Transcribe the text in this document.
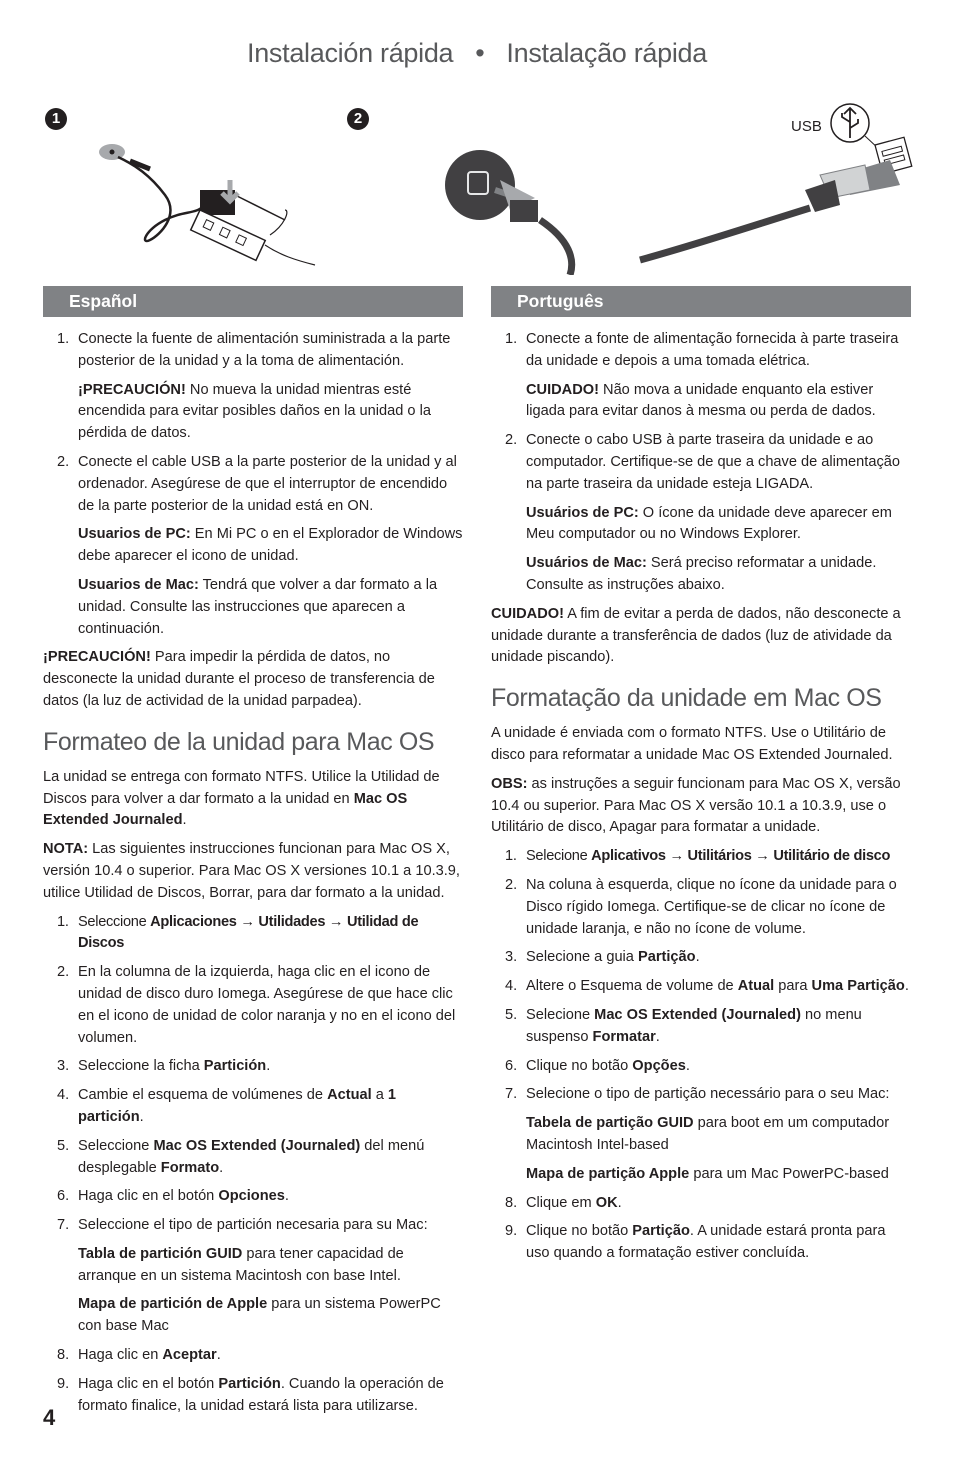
Instalación rápida • Instalação rápida
1	2	USB
Español
1. Conecte la fuente de alimentación suministrada a la parte posterior de la unidad y a la toma de alimentación.

¡PRECAUCIÓN! No mueva la unidad mientras esté encendida para evitar posibles daños en la unidad o la pérdida de datos.

2. Conecte el cable USB a la parte posterior de la unidad y al ordenador. Asegúrese de que el interruptor de encendido de la parte posterior de la unidad está en ON.

Usuarios de PC: En Mi PC o en el Explorador de Windows debe aparecer el icono de unidad.

Usuarios de Mac: Tendrá que volver a dar formato a la unidad. Consulte las instrucciones que aparecen a continuación.

¡PRECAUCIÓN! Para impedir la pérdida de datos, no desconecte la unidad durante el proceso de transferencia de datos (la luz de actividad de la unidad parpadea).

Formateo de la unidad para Mac OS

La unidad se entrega con formato NTFS. Utilice la Utilidad de Discos para volver a dar formato a la unidad en Mac OS Extended Journaled.

NOTA: Las siguientes instrucciones funcionan para Mac OS X, versión 10.4 o superior. Para Mac OS X versiones 10.1 a 10.3.9, utilice Utilidad de Discos, Borrar, para dar formato a la unidad.

1. Seleccione Aplicaciones → Utilidades → Utilidad de Discos
2. En la columna de la izquierda, haga clic en el icono de unidad de disco duro Iomega. Asegúrese de que hace clic en el icono de unidad de color naranja y no en el icono del volumen.
3. Seleccione la ficha Partición.
4. Cambie el esquema de volúmenes de Actual a 1 partición.
5. Seleccione Mac OS Extended (Journaled) del menú desplegable Formato.
6. Haga clic en el botón Opciones.
7. Seleccione el tipo de partición necesaria para su Mac:

Tabla de partición GUID para tener capacidad de arranque en un sistema Macintosh con base Intel.

Mapa de partición de Apple para un sistema PowerPC con base Mac

8. Haga clic en Aceptar.
9. Haga clic en el botón Partición. Cuando la operación de formato finalice, la unidad estará lista para utilizarse.
Português
1. Conecte a fonte de alimentação fornecida à parte traseira da unidade e depois a uma tomada elétrica.

CUIDADO! Não mova a unidade enquanto ela estiver ligada para evitar danos à mesma ou perda de dados.

2. Conecte o cabo USB à parte traseira da unidade e ao computador. Certifique-se de que a chave de alimentação na parte traseira da unidade esteja LIGADA.

Usuários de PC: O ícone da unidade deve aparecer em Meu computador ou no Windows Explorer.

Usuários de Mac: Será preciso reformatar a unidade. Consulte as instruções abaixo.

CUIDADO! A fim de evitar a perda de dados, não desconecte a unidade durante a transferência de dados (luz de atividade da unidade piscando).

Formatação da unidade em Mac OS

A unidade é enviada com o formato NTFS. Use o Utilitário de disco para reformatar a unidade Mac OS Extended Journaled.

OBS: as instruções a seguir funcionam para Mac OS X, versão 10.4 ou superior. Para Mac OS X versão 10.1 a 10.3.9, use o Utilitário de disco, Apagar para formatar a unidade.

1. Selecione Aplicativos → Utilitários → Utilitário de disco
2. Na coluna à esquerda, clique no ícone da unidade para o Disco rígido Iomega. Certifique-se de clicar no ícone de unidade laranja, e não no ícone de volume.
3. Selecione a guia Partição.
4. Altere o Esquema de volume de Atual para Uma Partição.
5. Selecione Mac OS Extended (Journaled) no menu suspenso Formatar.
6. Clique no botão Opções.
7. Selecione o tipo de partição necessário para o seu Mac:

Tabela de partição GUID para boot em um computador Macintosh Intel-based

Mapa de partição Apple para um Mac PowerPC-based

8. Clique em OK.
9. Clique no botão Partição. A unidade estará pronta para uso quando a formatação estiver concluída.
4
